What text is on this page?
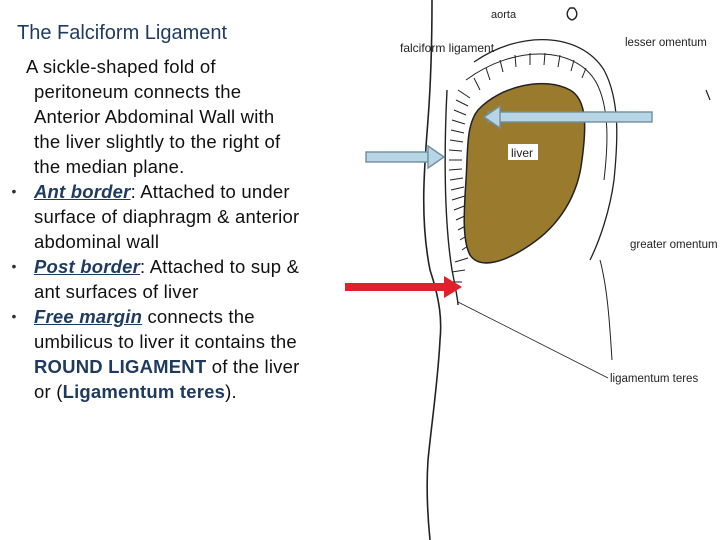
The Falciform Ligament
A sickle-shaped fold of
peritoneum connects the Anterior Abdominal Wall with the liver slightly to the right of the median plane.
• Ant border: Attached to under surface of diaphragm & anterior abdominal wall
• Post border: Attached to sup & ant surfaces of liver
• Free margin connects the umbilicus to liver it contains the ROUND LIGAMENT of the liver or (Ligamentum teres).
aorta
falciform ligament	lesser omentum
liver
greater omentum
ligamentum teres
